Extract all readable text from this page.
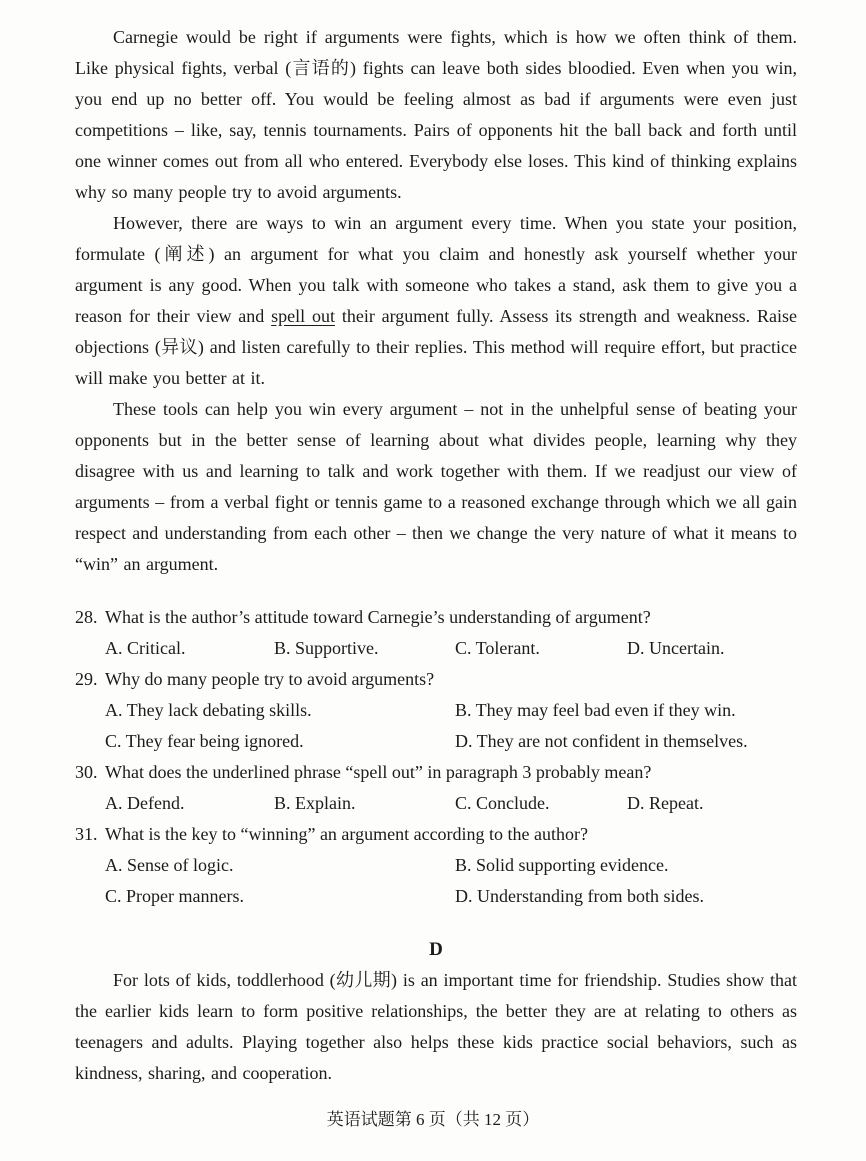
Carnegie would be right if arguments were fights, which is how we often think of them. Like physical fights, verbal (言语的) fights can leave both sides bloodied. Even when you win, you end up no better off. You would be feeling almost as bad if arguments were even just competitions – like, say, tennis tournaments. Pairs of opponents hit the ball back and forth until one winner comes out from all who entered. Everybody else loses. This kind of thinking explains why so many people try to avoid arguments.

However, there are ways to win an argument every time. When you state your position, formulate (阐述) an argument for what you claim and honestly ask yourself whether your argument is any good. When you talk with someone who takes a stand, ask them to give you a reason for their view and spell out their argument fully. Assess its strength and weakness. Raise objections (异议) and listen carefully to their replies. This method will require effort, but practice will make you better at it.

These tools can help you win every argument – not in the unhelpful sense of beating your opponents but in the better sense of learning about what divides people, learning why they disagree with us and learning to talk and work together with them. If we readjust our view of arguments – from a verbal fight or tennis game to a reasoned exchange through which we all gain respect and understanding from each other – then we change the very nature of what it means to “win” an argument.

28. What is the author’s attitude toward Carnegie’s understanding of argument?
A. Critical.	B. Supportive.	C. Tolerant.	D. Uncertain.
29. Why do many people try to avoid arguments?
A. They lack debating skills.	B. They may feel bad even if they win.
C. They fear being ignored.	D. They are not confident in themselves.
30. What does the underlined phrase “spell out” in paragraph 3 probably mean?
A. Defend.	B. Explain.	C. Conclude.	D. Repeat.
31. What is the key to “winning” an argument according to the author?
A. Sense of logic.	B. Solid supporting evidence.
C. Proper manners.	D. Understanding from both sides.
D

For lots of kids, toddlerhood (幼儿期) is an important time for friendship. Studies show that the earlier kids learn to form positive relationships, the better they are at relating to others as teenagers and adults. Playing together also helps these kids practice social behaviors, such as kindness, sharing, and cooperation.

英语试题第 6 页（共 12 页）
